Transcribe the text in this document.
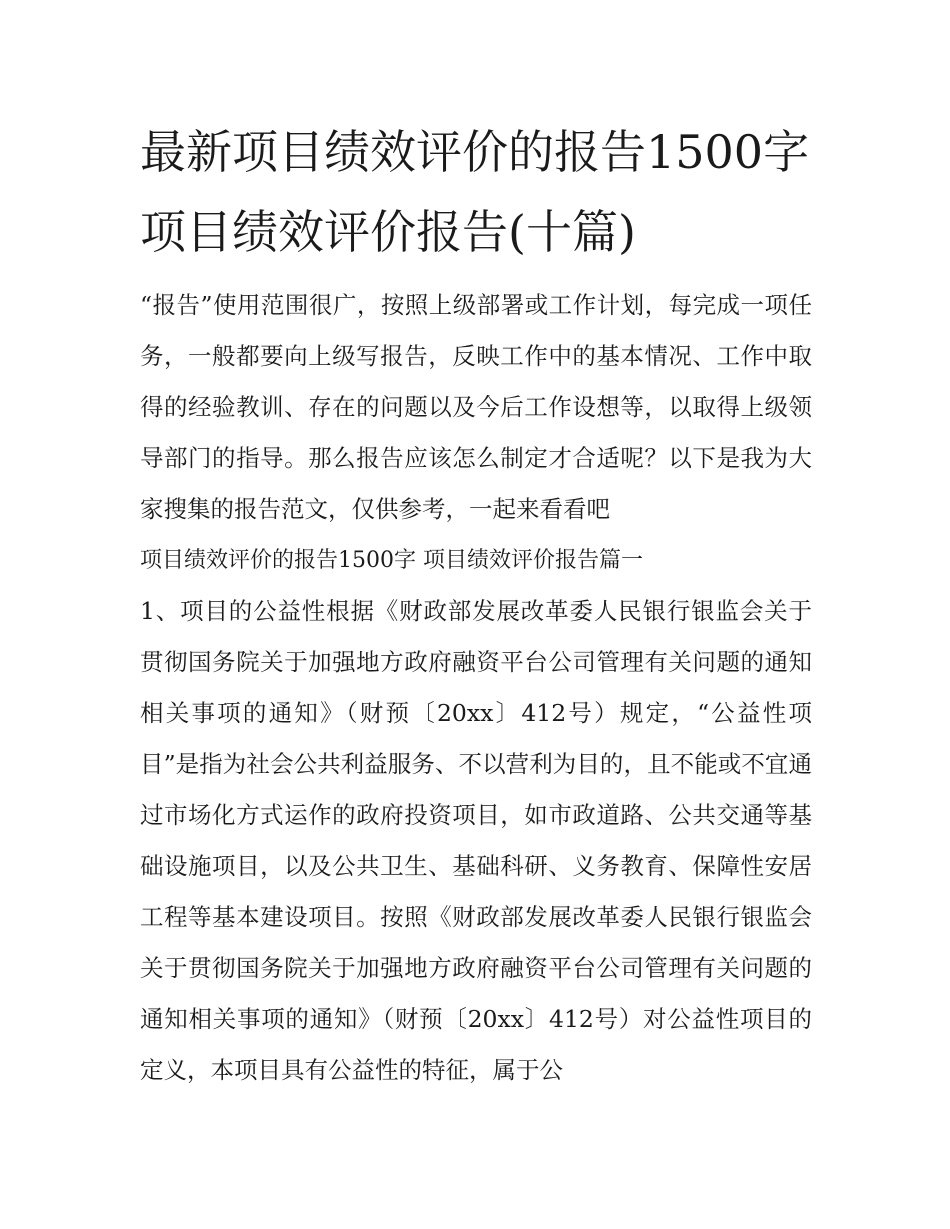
最新项目绩效评价的报告1500字 项目绩效评价报告(十篇)

“报告”使用范围很广，按照上级部署或工作计划，每完成一项任务，一般都要向上级写报告，反映工作中的基本情况、工作中取得的经验教训、存在的问题以及今后工作设想等，以取得上级领导部门的指导。那么报告应该怎么制定才合适呢？以下是我为大家搜集的报告范文，仅供参考，一起来看看吧

项目绩效评价的报告1500字 项目绩效评价报告篇一

1、项目的公益性根据《财政部发展改革委人民银行银监会关于贯彻国务院关于加强地方政府融资平台公司管理有关问题的通知相关事项的通知》（财预〔20xx〕412号）规定，“公益性项目”是指为社会公共利益服务、不以营利为目的，且不能或不宜通过市场化方式运作的政府投资项目，如市政道路、公共交通等基础设施项目，以及公共卫生、基础科研、义务教育、保障性安居工程等基本建设项目。按照《财政部发展改革委人民银行银监会关于贯彻国务院关于加强地方政府融资平台公司管理有关问题的通知相关事项的通知》（财预〔20xx〕412号）对公益性项目的定义，本项目具有公益性的特征，属于公
